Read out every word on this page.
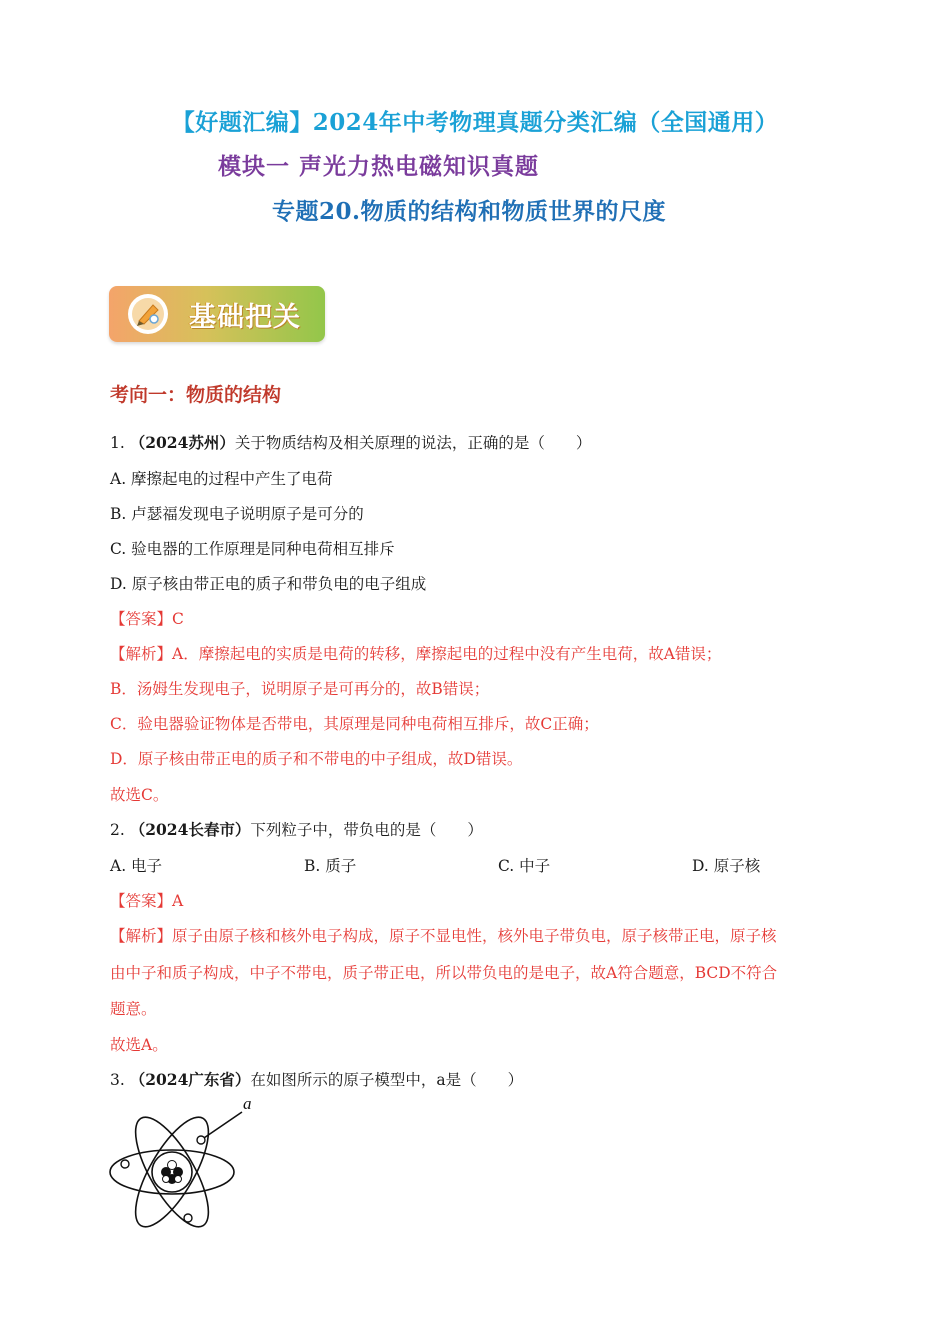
【好题汇编】2024年中考物理真题分类汇编（全国通用）
模块一 声光力热电磁知识真题
专题20.物质的结构和物质世界的尺度
基础把关
考向一：物质的结构
1. （2024苏州）关于物质结构及相关原理的说法，正确的是（　　）
A. 摩擦起电的过程中产生了电荷
B. 卢瑟福发现电子说明原子是可分的
C. 验电器的工作原理是同种电荷相互排斥
D. 原子核由带正电的质子和带负电的电子组成
【答案】C
【解析】A．摩擦起电的实质是电荷的转移，摩擦起电的过程中没有产生电荷，故A错误；
B．汤姆生发现电子，说明原子是可再分的，故B错误；
C．验电器验证物体是否带电，其原理是同种电荷相互排斥，故C正确；
D．原子核由带正电的质子和不带电的中子组成，故D错误。
故选C。
2. （2024长春市）下列粒子中，带负电的是（　　）
A. 电子	B. 质子	C. 中子	D. 原子核
【答案】A
【解析】原子由原子核和核外电子构成，原子不显电性，核外电子带负电，原子核带正电，原子核
由中子和质子构成，中子不带电，质子带正电，所以带负电的是电子，故A符合题意，BCD不符合
题意。
故选A。
3. （2024广东省）在如图所示的原子模型中，a是（　　）
a
